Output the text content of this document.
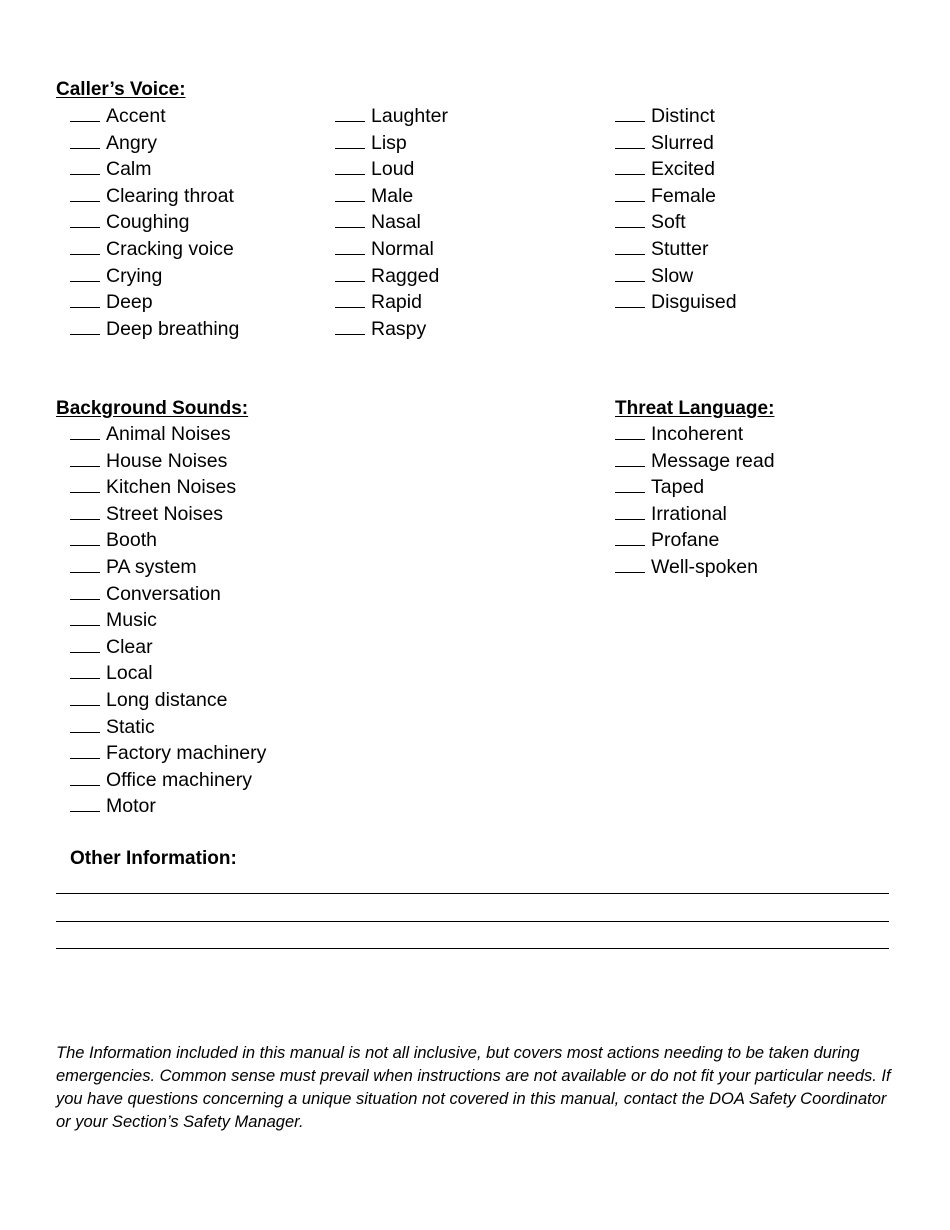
Caller’s Voice:
Accent
Angry
Calm
Clearing throat
Coughing
Cracking voice
Crying
Deep
Deep breathing
Laughter
Lisp
Loud
Male
Nasal
Normal
Ragged
Rapid
Raspy
Distinct
Slurred
Excited
Female
Soft
Stutter
Slow
Disguised
Background Sounds:
Animal Noises
House Noises
Kitchen Noises
Street Noises
Booth
PA system
Conversation
Music
Clear
Local
Long distance
Static
Factory machinery
Office machinery
Motor
Threat Language:
Incoherent
Message read
Taped
Irrational
Profane
Well-spoken
Other Information:

The Information included in this manual is not all inclusive, but covers most actions needing to be taken during emergencies. Common sense must prevail when instructions are not available or do not fit your particular needs. If you have questions concerning a unique situation not covered in this manual, contact the DOA Safety Coordinator or your Section’s Safety Manager.
